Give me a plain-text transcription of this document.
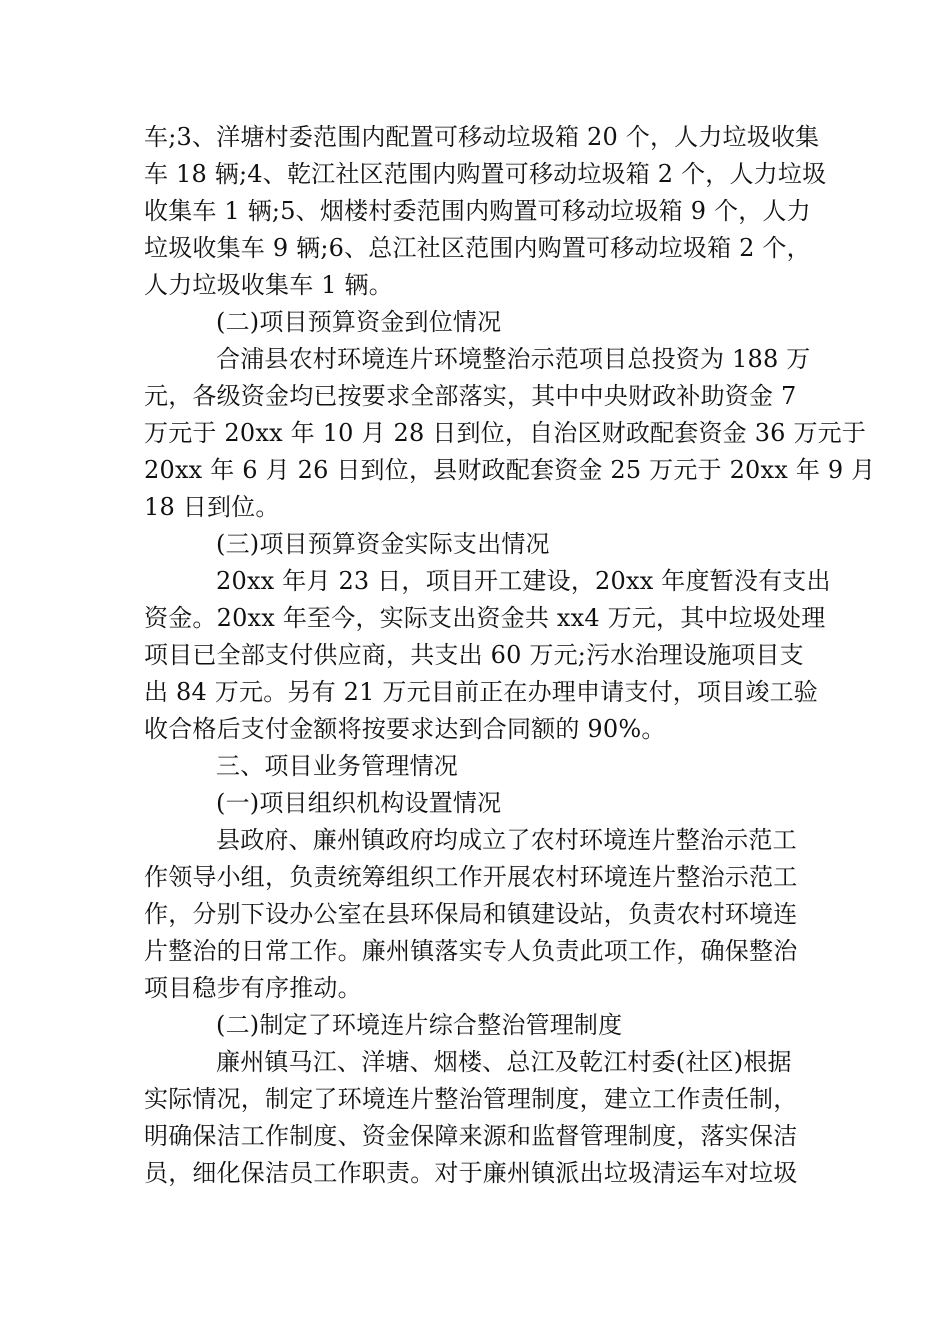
车;3、洋塘村委范围内配置可移动垃圾箱 20 个，人力垃圾收集
车 18 辆;4、乾江社区范围内购置可移动垃圾箱 2 个，人力垃圾
收集车 1 辆;5、烟楼村委范围内购置可移动垃圾箱 9 个，人力
垃圾收集车 9 辆;6、总江社区范围内购置可移动垃圾箱 2 个，
人力垃圾收集车 1 辆。
(二)项目预算资金到位情况
合浦县农村环境连片环境整治示范项目总投资为 188 万
元，各级资金均已按要求全部落实，其中中央财政补助资金 7
万元于 20xx 年 10 月 28 日到位，自治区财政配套资金 36 万元于
20xx 年 6 月 26 日到位，县财政配套资金 25 万元于 20xx 年 9 月
18 日到位。
(三)项目预算资金实际支出情况
20xx 年月 23 日，项目开工建设，20xx 年度暂没有支出
资金。20xx 年至今，实际支出资金共 xx4 万元，其中垃圾处理
项目已全部支付供应商，共支出 60 万元;污水治理设施项目支
出 84 万元。另有 21 万元目前正在办理申请支付，项目竣工验
收合格后支付金额将按要求达到合同额的 90%。
三、项目业务管理情况
(一)项目组织机构设置情况
县政府、廉州镇政府均成立了农村环境连片整治示范工
作领导小组，负责统筹组织工作开展农村环境连片整治示范工
作，分别下设办公室在县环保局和镇建设站，负责农村环境连
片整治的日常工作。廉州镇落实专人负责此项工作，确保整治
项目稳步有序推动。
(二)制定了环境连片综合整治管理制度
廉州镇马江、洋塘、烟楼、总江及乾江村委(社区)根据
实际情况，制定了环境连片整治管理制度，建立工作责任制，
明确保洁工作制度、资金保障来源和监督管理制度，落实保洁
员，细化保洁员工作职责。对于廉州镇派出垃圾清运车对垃圾
